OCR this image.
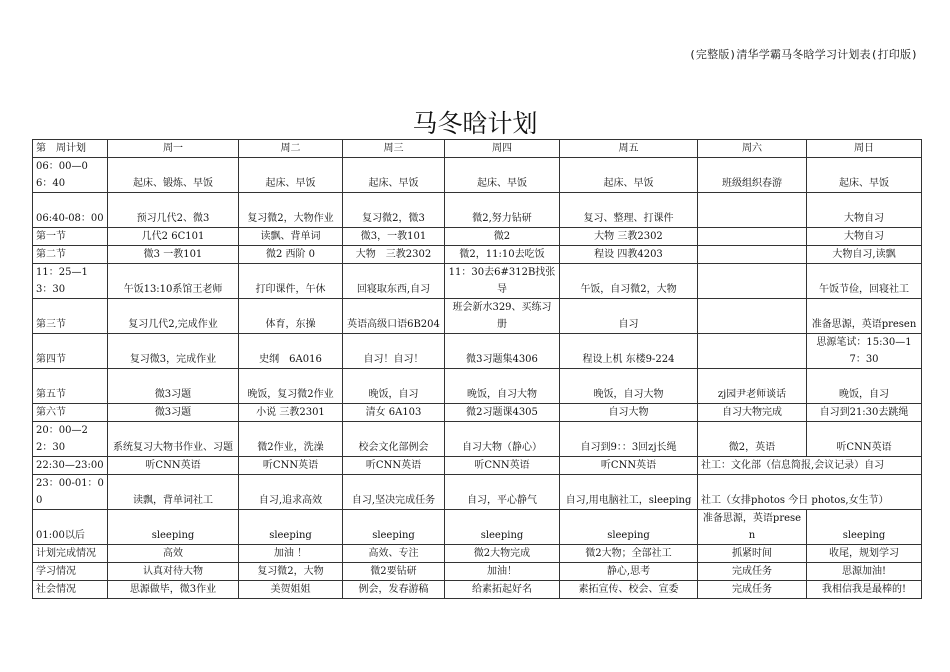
(完整版)清华学霸马冬晗学习计划表(打印版)
马冬晗计划
第　周计划	周一	周二	周三	周四	周五	周六	周日
06：00—06：40	起床、锻炼、早饭	起床、早饭	起床、早饭	起床、早饭	起床、早饭	班级组织春游	起床、早饭
06:40-08：00	预习几代2、微3	复习微2，大物作业	复习微2，微3	微2,努力钻研	复习、整理、打课件		大物自习
第一节	几代2 6C101	读飘、背单词	微3，一教101	微2	大物 三教2302		大物自习
第二节	微3 一教101	微2 西阶 0	大物　三教2302	微2，11:10去吃饭	程设 四教4203		大物自习,读飘
11：25—13：30	午饭13:10系馆王老师	打印课件，午休	回寝取东西,自习	11：30去6#312B找张导	午饭，自习微2，大物		午饭节俭，回寝社工
第三节	复习几代2,完成作业	体育，东操	英语高级口语6B204	班会新水329、买练习册	自习		准备思源，英语presen
第四节	复习微3，完成作业	史纲　6A016	自习！自习！	微3习题集4306	程设上机 东楼9-224		思源笔试：15:30—17：30
第五节	微3习题	晚饭，复习微2作业	晚饭，自习	晚饭，自习大物	晚饭，自习大物	zj园尹老师谈话	晚饭，自习
第六节	微3习题	小说 三教2301	清女 6A103	微2习题课4305	自习大物	自习大物完成	自习到21:30去跳绳
20：00—22：30	系统复习大物书作业、习题	微2作业，洗澡	校会文化部例会	自习大物（静心）	自习到9：：3回zj长绳	微2，英语	听CNN英语
22:30—23:00	听CNN英语	听CNN英语	听CNN英语	听CNN英语	听CNN英语	社工：文化部（信息简报,会议记录）自习	
23：00-01：00	读飘，背单词社工	自习,追求高效	自习,坚决完成任务	自习，平心静气	自习,用电脑社工，sleeping	社工（女排photos 今日 photos,女生节）	
01:00以后	sleeping	sleeping	sleeping	sleeping	sleeping	准备思源，英语presen	sleeping
计划完成情况	高效	加油 ！	高效、专注	微2大物完成	微2大物；全部社工	抓紧时间	收尾，规划学习
学习情况	认真对待大物	复习微2，大物	微2要钻研	加油！	静心,思考	完成任务	思源加油!
社会情况	思源做毕，微3作业	美贺姐姐	例会，发春游稿	给素拓起好名	素拓宣传、校会、宣委	完成任务	我相信我是最棒的!
